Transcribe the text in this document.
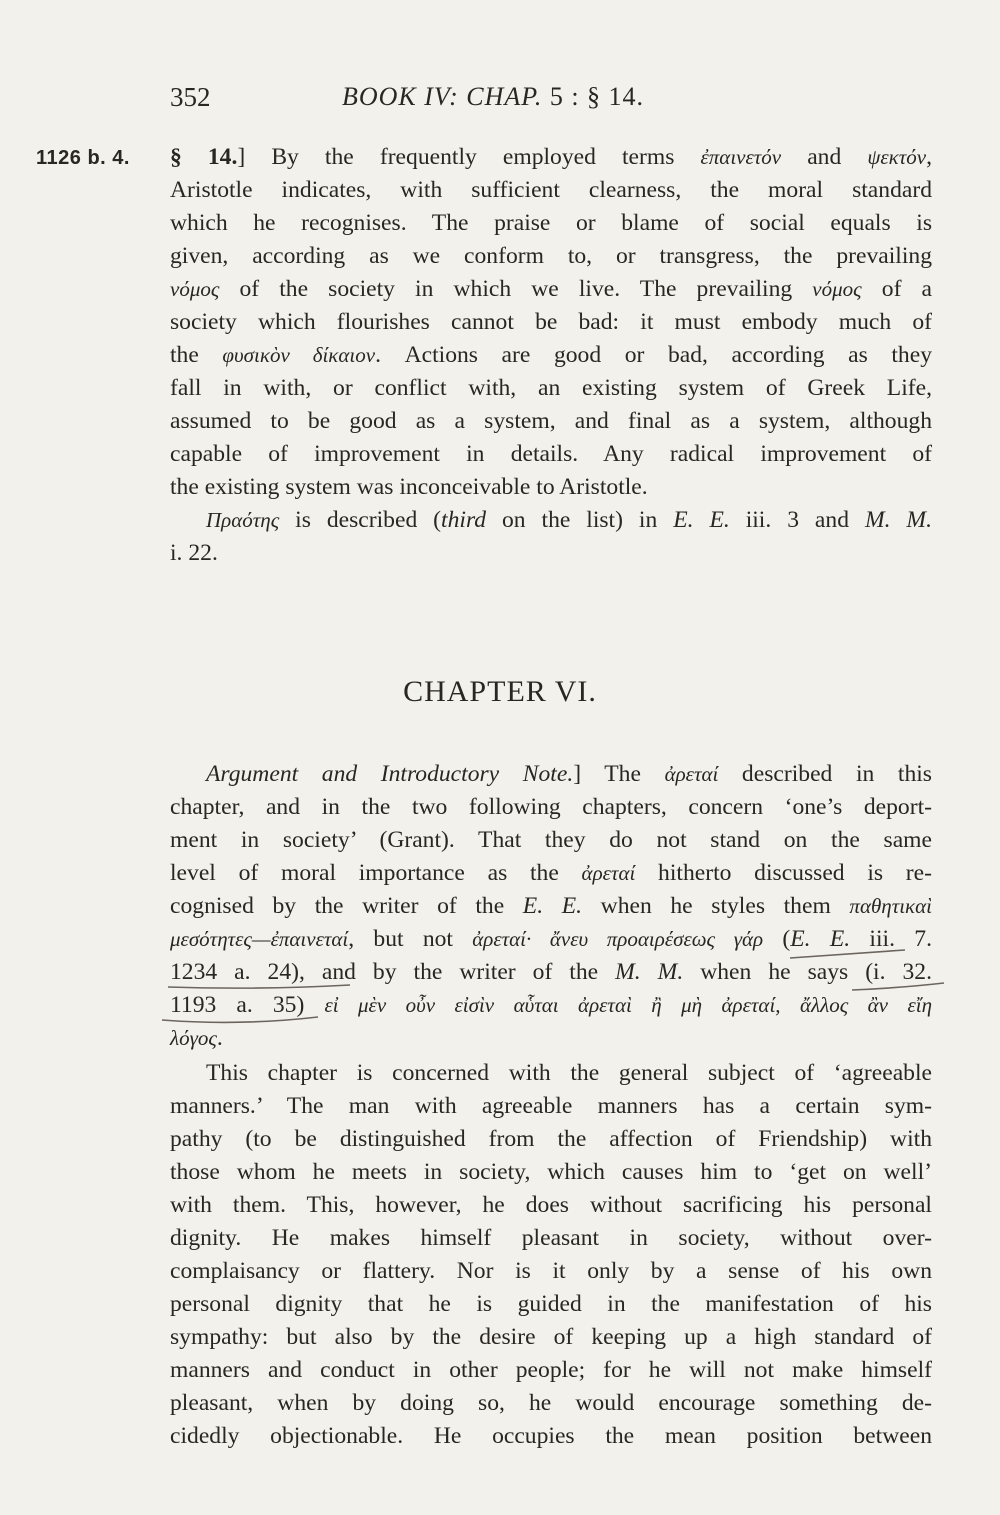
352	BOOK IV: CHAP. 5 : § 14.
1126 b. 4. § 14.] By the frequently employed terms ἐπαινετόν and ψεκτόν,
Aristotle indicates, with sufficient clearness, the moral standard
which he recognises. The praise or blame of social equals is
given, according as we conform to, or transgress, the prevailing
νόμος of the society in which we live. The prevailing νόμος of a
society which flourishes cannot be bad: it must embody much of
the φυσικὸν δίκαιον. Actions are good or bad, according as they
fall in with, or conflict with, an existing system of Greek Life,
assumed to be good as a system, and final as a system, although
capable of improvement in details. Any radical improvement of
the existing system was inconceivable to Aristotle.
Πραότης is described (third on the list) in E. E. iii. 3 and M. M.
i. 22.
CHAPTER VI.
Argument and Introductory Note.] The ἀρεταί described in this
chapter, and in the two following chapters, concern ‘one’s deport-
ment in society’ (Grant). That they do not stand on the same
level of moral importance as the ἀρεταί hitherto discussed is re-
cognised by the writer of the E. E. when he styles them παθητικαὶ
μεσότητες—ἐπαινεταί, but not ἀρεταί· ἄνευ προαιρέσεως γάρ (E. E. iii. 7.
1234 a. 24), and by the writer of the M. M. when he says (i. 32.
1193 a. 35) εἰ μὲν οὖν εἰσὶν αὗται ἀρεταὶ ἢ μὴ ἀρεταί, ἄλλος ἂν εἴη
λόγος.
This chapter is concerned with the general subject of ‘agreeable
manners.’ The man with agreeable manners has a certain sym-
pathy (to be distinguished from the affection of Friendship) with
those whom he meets in society, which causes him to ‘get on well’
with them. This, however, he does without sacrificing his personal
dignity. He makes himself pleasant in society, without over-
complaisancy or flattery. Nor is it only by a sense of his own
personal dignity that he is guided in the manifestation of his
sympathy: but also by the desire of keeping up a high standard of
manners and conduct in other people; for he will not make himself
pleasant, when by doing so, he would encourage something de-
cidedly objectionable. He occupies the mean position between
